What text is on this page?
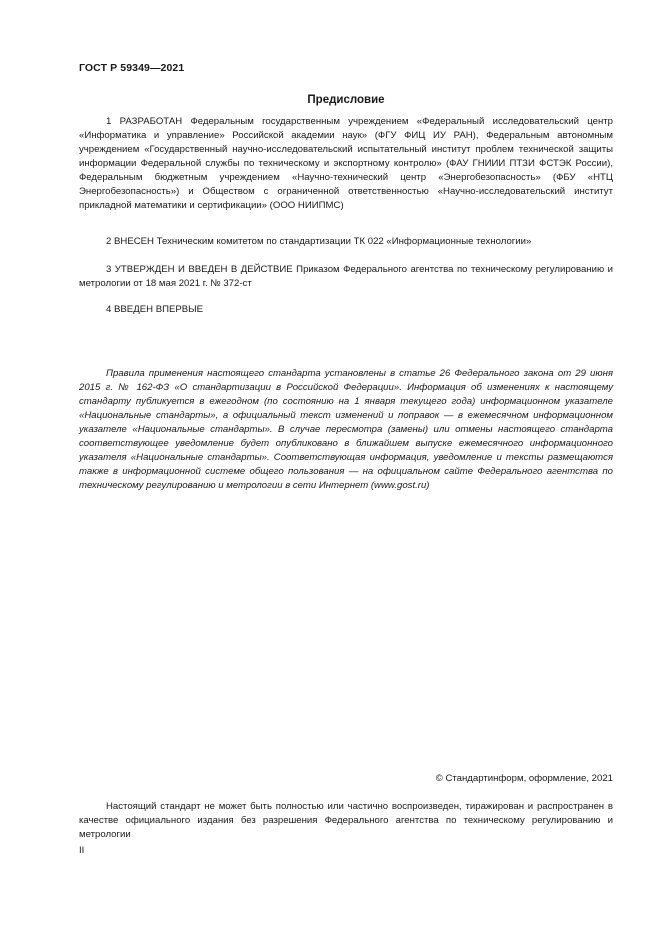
ГОСТ Р 59349—2021
Предисловие

1 РАЗРАБОТАН Федеральным государственным учреждением «Федеральный исследовательский центр «Информатика и управление» Российской академии наук» (ФГУ ФИЦ ИУ РАН), Федеральным автономным учреждением «Государственный научно-исследовательский испытательный институт проблем технической защиты информации Федеральной службы по техническому и экспортному контролю» (ФАУ ГНИИИ ПТЗИ ФСТЭК России), Федеральным бюджетным учреждением «Научно-технический центр «Энергобезопасность» (ФБУ «НТЦ Энергобезопасность») и Обществом с ограниченной ответственностью «Научно-исследовательский институт прикладной математики и сертификации» (ООО НИИПМС)

2 ВНЕСЕН Техническим комитетом по стандартизации ТК 022 «Информационные технологии»

3 УТВЕРЖДЕН И ВВЕДЕН В ДЕЙСТВИЕ Приказом Федерального агентства по техническому регулированию и метрологии от 18 мая 2021 г. № 372-ст

4 ВВЕДЕН ВПЕРВЫЕ

Правила применения настоящего стандарта установлены в статье 26 Федерального закона от 29 июня 2015 г. № 162-ФЗ «О стандартизации в Российской Федерации». Информация об изменениях к настоящему стандарту публикуется в ежегодном (по состоянию на 1 января текущего года) информационном указателе «Национальные стандарты», а официальный текст изменений и поправок — в ежемесячном информационном указателе «Национальные стандарты». В случае пересмотра (замены) или отмены настоящего стандарта соответствующее уведомление будет опубликовано в ближайшем выпуске ежемесячного информационного указателя «Национальные стандарты». Соответствующая информация, уведомление и тексты размещаются также в информационной системе общего пользования — на официальном сайте Федерального агентства по техническому регулированию и метрологии в сети Интернет (www.gost.ru)

© Стандартинформ, оформление, 2021

Настоящий стандарт не может быть полностью или частично воспроизведен, тиражирован и распространен в качестве официального издания без разрешения Федерального агентства по техническому регулированию и метрологии

II
